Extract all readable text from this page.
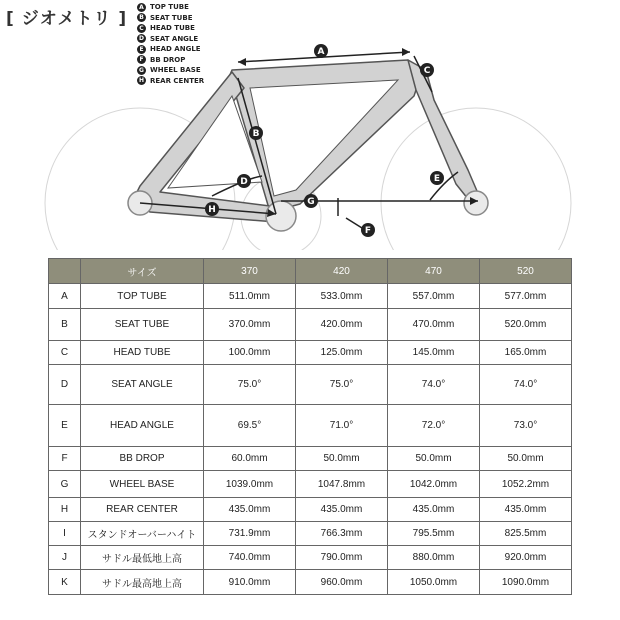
A
B
C
D	E
F
G
H
[ ジオメトリ ]
A TOP TUBE
B SEAT TUBE
C HEAD TUBE
D SEAT ANGLE
E HEAD ANGLE
F BB DROP
G WHEEL BASE
H REAR CENTER
	サイズ	370	420	470	520
A	TOP TUBE	511.0mm	533.0mm	557.0mm	577.0mm
B	SEAT TUBE	370.0mm	420.0mm	470.0mm	520.0mm
C	HEAD TUBE	100.0mm	125.0mm	145.0mm	165.0mm
D	SEAT ANGLE	75.0°	75.0°	74.0°	74.0°
E	HEAD ANGLE	69.5°	71.0°	72.0°	73.0°
F	BB DROP	60.0mm	50.0mm	50.0mm	50.0mm
G	WHEEL BASE	1039.0mm	1047.8mm	1042.0mm	1052.2mm
H	REAR CENTER	435.0mm	435.0mm	435.0mm	435.0mm
I	スタンドオーバーハイト	731.9mm	766.3mm	795.5mm	825.5mm
J	サドル最低地上高	740.0mm	790.0mm	880.0mm	920.0mm
K	サドル最高地上高	910.0mm	960.0mm	1050.0mm	1090.0mm
